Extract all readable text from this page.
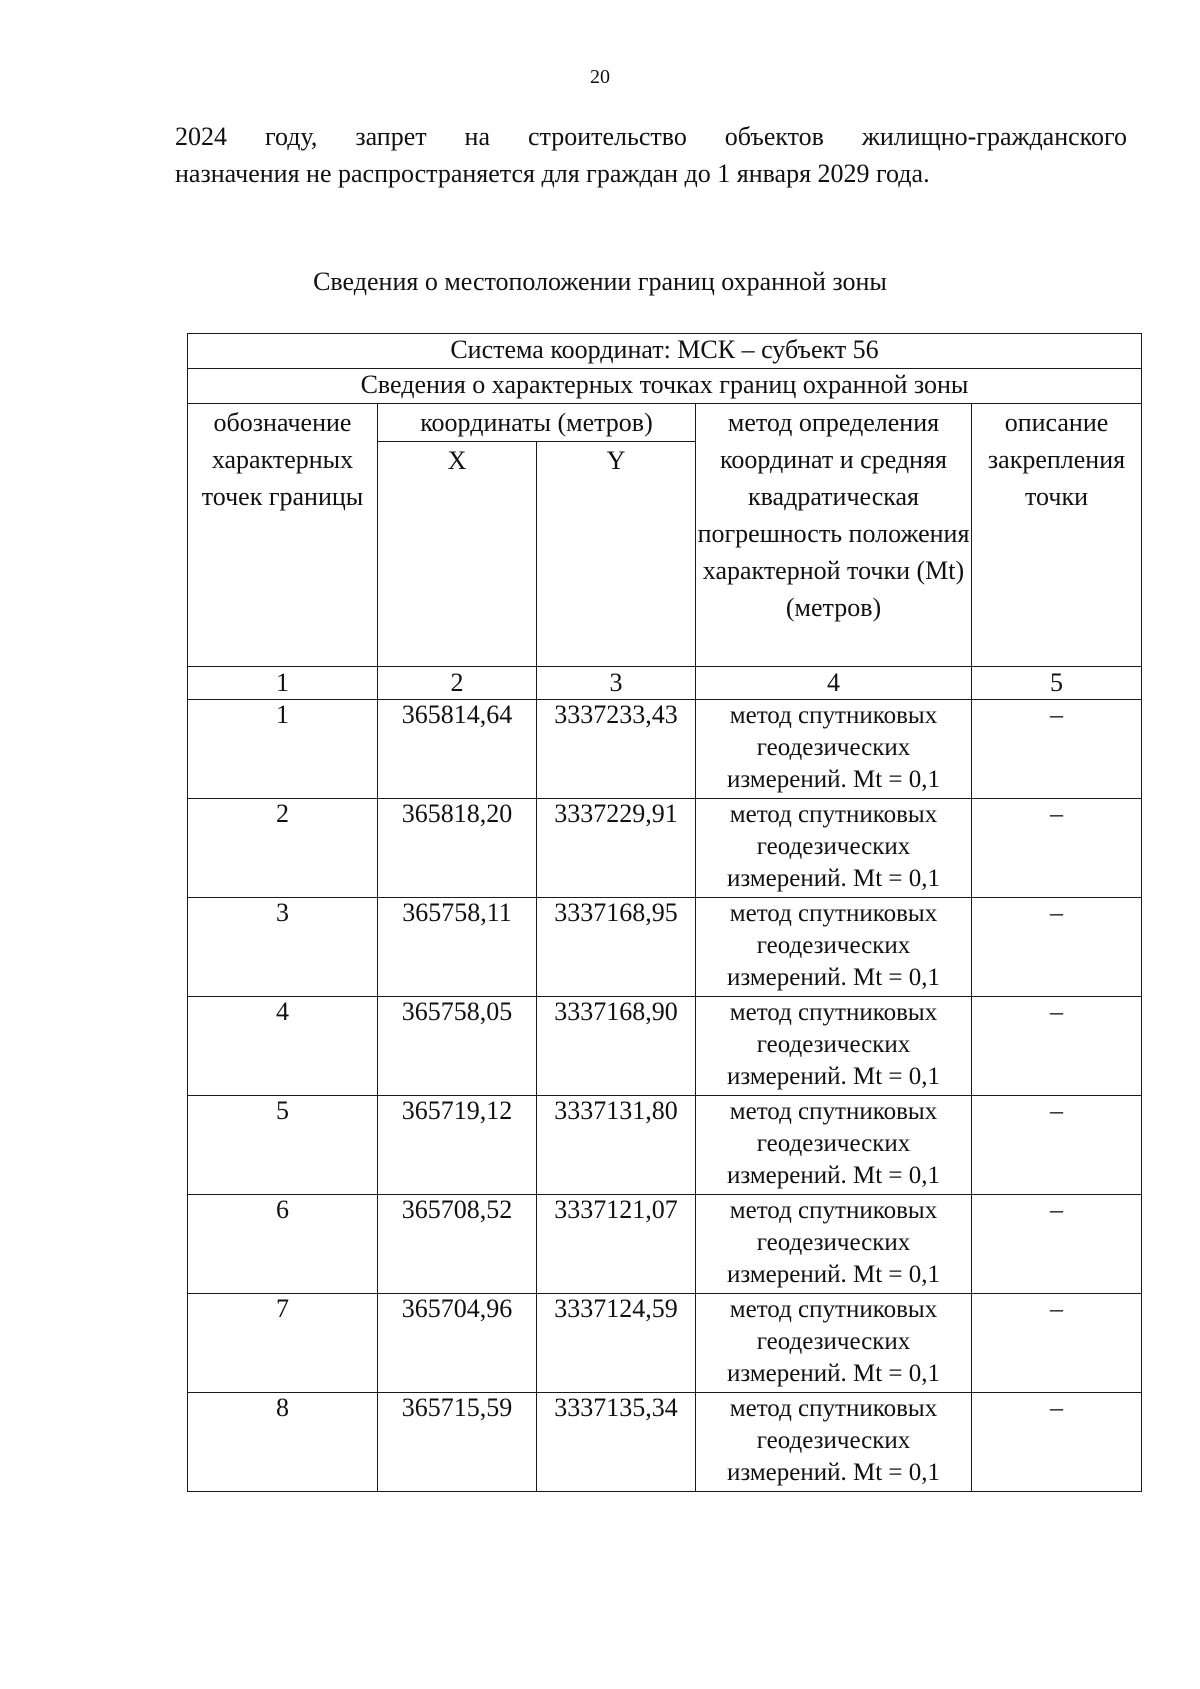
20

2024 году, запрет на строительство объектов жилищно-гражданского
назначения не распространяется для граждан до 1 января 2029 года.

Сведения о местоположении границ охранной зоны
Система координат: МСК – субъект 56				
Сведения о характерных точках границ охранной зоны				
обозначение характерных точек границы	координаты (метров)		метод определения координат и средняя квадратическая погрешность положения характерной точки (Mt) (метров)	описание закрепления точки
	X	Y		
1	2	3	4	5
1	365814,64	3337233,43	метод спутниковых геодезических измерений. Mt = 0,1	–
2	365818,20	3337229,91	метод спутниковых геодезических измерений. Mt = 0,1	–
3	365758,11	3337168,95	метод спутниковых геодезических измерений. Mt = 0,1	–
4	365758,05	3337168,90	метод спутниковых геодезических измерений. Mt = 0,1	–
5	365719,12	3337131,80	метод спутниковых геодезических измерений. Mt = 0,1	–
6	365708,52	3337121,07	метод спутниковых геодезических измерений. Mt = 0,1	–
7	365704,96	3337124,59	метод спутниковых геодезических измерений. Mt = 0,1	–
8	365715,59	3337135,34	метод спутниковых геодезических измерений. Mt = 0,1	–
